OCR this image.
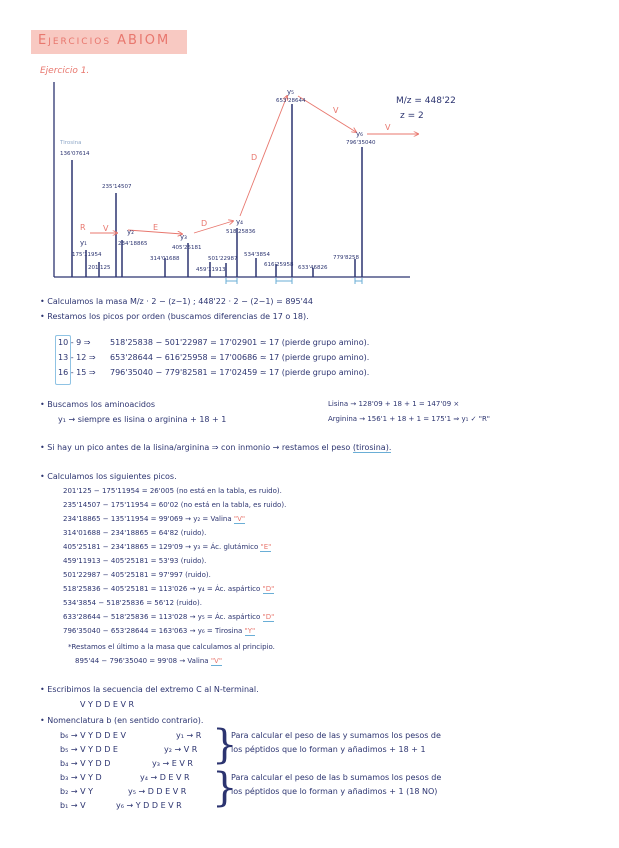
Ejercicios ABIOM
Ejercicio 1.
M/z = 448'22
z = 2
Tirosina
136'07614
235'14507
y₁
175'11954
201'125
y₂
234'18865
314'01688
y₃
405'25181
459'11913
501'22987
y₄
518'25836
534'3854
616'25958
y₅
653'28644
633'46826
y₆
796'35040
779'8258
R V	E	D
D
V
V
• Calculamos la masa M/z · 2 − (z−1) ; 448'22 · 2 − (2−1) = 895'44
• Restamos los picos por orden (buscamos diferencias de 17 o 18).
10 - 9 ⇒ 518'25838 − 501'22987 = 17'02901 ≃ 17 (pierde grupo amino).
13 - 12 ⇒ 653'28644 − 616'25958 = 17'00686 ≃ 17 (pierde grupo amino).
16 - 15 ⇒ 796'35040 − 779'82581 = 17'02459 ≃ 17 (pierde grupo amino).
• Buscamos los aminoacidos
y₁ → siempre es lisina o arginina + 18 + 1
Lisina → 128'09 + 18 + 1 = 147'09 ×
Arginina → 156'1 + 18 + 1 = 175'1 ⇒ y₁ ✓ "R"
• Si hay un pico antes de la lisina/arginina ⇒ con inmonio → restamos el peso (tirosina).
• Calculamos los siguientes picos.
201'125 − 175'11954 = 26'005 (no está en la tabla, es ruido).
235'14507 − 175'11954 = 60'02 (no está en la tabla, es ruido).
234'18865 − 135'11954 = 99'069 → y₂ = Valina "V"
314'01688 − 234'18865 = 64'82 (ruido).
405'25181 − 234'18865 = 129'09 → y₃ = Ác. glutámico "E"
459'11913 − 405'25181 = 53'93 (ruido).
501'22987 − 405'25181 = 97'997 (ruido).
518'25836 − 405'25181 = 113'026 → y₄ = Ác. aspártico "D"
534'3854 − 518'25836 = 56'12 (ruido).
633'28644 − 518'25836 = 113'028 → y₅ = Ác. aspártico "D"
796'35040 − 653'28644 = 163'063 → y₆ = Tirosina "Y"
*Restamos el último a la masa que calculamos al principio.
895'44 − 796'35040 = 99'08 → Valina "V"
• Escribimos la secuencia del extremo C al N-terminal.
V Y D D E V R
• Nomenclatura b (en sentido contrario).
b₆ → V Y D D E V	y₁ → R
b₅ → V Y D D E	y₂ → V R
b₄ → V Y D D	y₃ → E V R
b₃ → V Y D	y₄ → D E V R
b₂ → V Y	y₅ → D D E V R
b₁ → V	y₆ → Y D D E V R
}
}
Para calcular el peso de las y sumamos los pesos de
los péptidos que lo forman y añadimos + 18 + 1
Para calcular el peso de las b sumamos los pesos de
los péptidos que lo forman y añadimos + 1 (18 NO)
